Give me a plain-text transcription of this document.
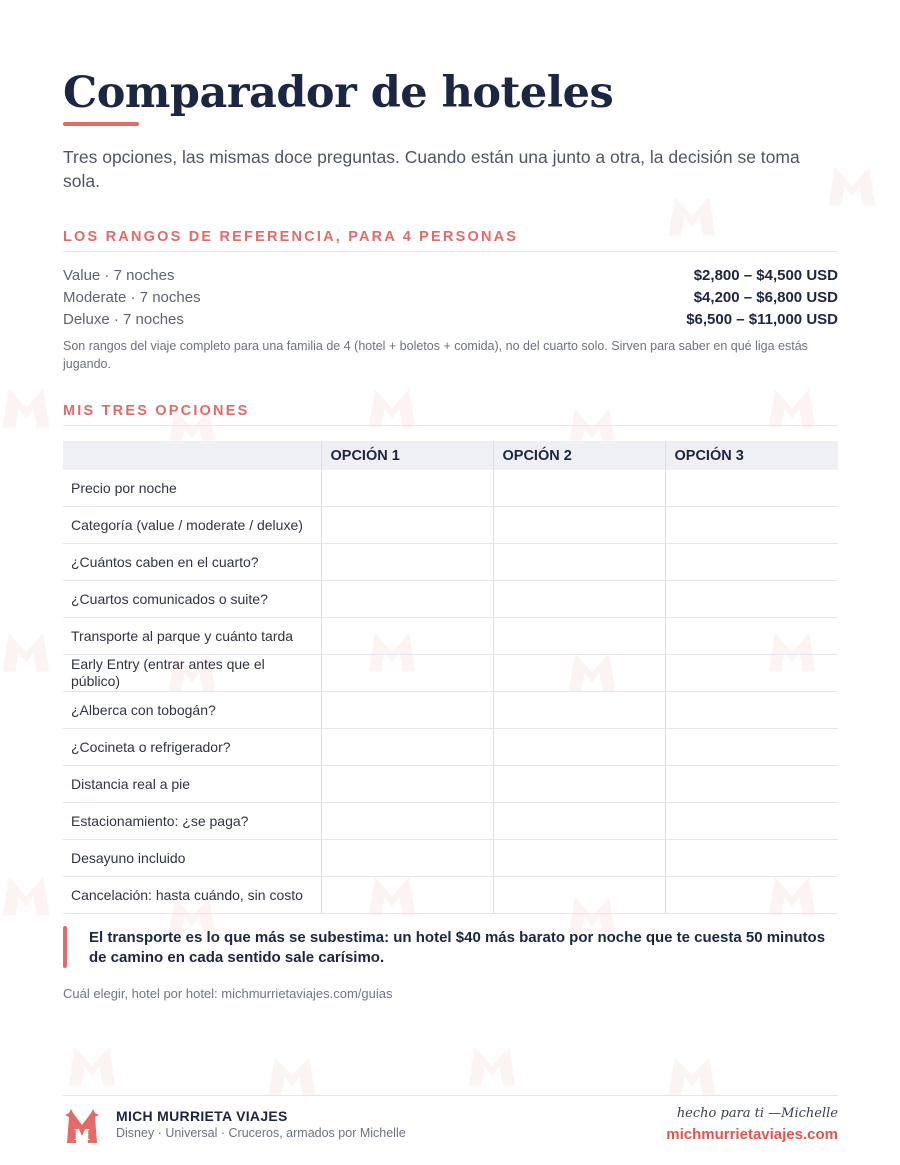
Comparador de hoteles

Tres opciones, las mismas doce preguntas. Cuando están una junto a otra, la decisión se toma sola.

LOS RANGOS DE REFERENCIA, PARA 4 PERSONAS
Value · 7 noches	$2,800 – $4,500 USD
Moderate · 7 noches	$4,200 – $6,800 USD
Deluxe · 7 noches	$6,500 – $11,000 USD

Son rangos del viaje completo para una familia de 4 (hotel + boletos + comida), no del cuarto solo. Sirven para saber en qué liga estás jugando.

MIS TRES OPCIONES
	OPCIÓN 1	OPCIÓN 2	OPCIÓN 3
Precio por noche			
Categoría (value / moderate / deluxe)			
¿Cuántos caben en el cuarto?			
¿Cuartos comunicados o suite?			
Transporte al parque y cuánto tarda			
Early Entry (entrar antes que el público)			
¿Alberca con tobogán?			
¿Cocineta o refrigerador?			
Distancia real a pie			
Estacionamiento: ¿se paga?			
Desayuno incluido			
Cancelación: hasta cuándo, sin costo			

El transporte es lo que más se subestima: un hotel $40 más barato por noche que te cuesta 50 minutos de camino en cada sentido sale carísimo.

Cuál elegir, hotel por hotel: michmurrietaviajes.com/guias

M

MICH MURRIETA VIAJES

Disney · Universal · Cruceros, armados por Michelle

hecho para ti —Michelle

michmurrietaviajes.com
